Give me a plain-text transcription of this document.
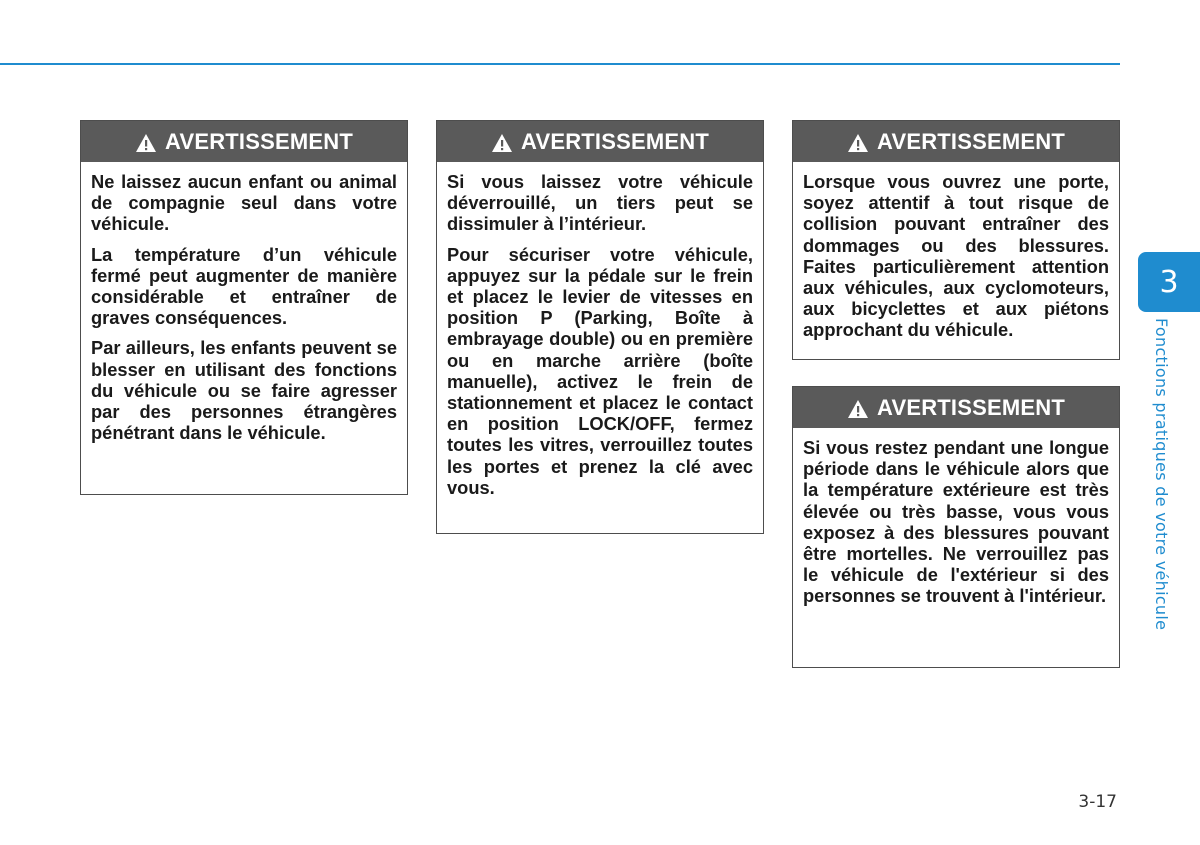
AVERTISSEMENT

Ne laissez aucun enfant ou animal de compagnie seul dans votre véhicule.

La température d’un véhicule fermé peut augmenter de manière considérable et entraîner de graves conséquences.

Par ailleurs, les enfants peuvent se blesser en utilisant des fonctions du véhicule ou se faire agresser par des personnes étrangères pénétrant dans le véhicule.

AVERTISSEMENT

Si vous laissez votre véhicule déverrouillé, un tiers peut se dissimuler à l’intérieur.

Pour sécuriser votre véhicule, appuyez sur la pédale sur le frein et placez le levier de vitesses en position P (Parking, Boîte à embrayage double) ou en première ou en marche arrière (boîte manuelle), activez le frein de stationnement et placez le contact en position LOCK/OFF, fermez toutes les vitres, verrouillez toutes les portes et prenez la clé avec vous.

AVERTISSEMENT

Lorsque vous ouvrez une porte, soyez attentif à tout risque de collision pouvant entraîner des dommages ou des blessures. Faites particulièrement attention aux véhicules, aux cyclomoteurs, aux bicyclettes et aux piétons approchant du véhicule.

AVERTISSEMENT

Si vous restez pendant une longue période dans le véhicule alors que la température extérieure est très élevée ou très basse, vous vous exposez à des blessures pouvant être mortelles. Ne verrouillez pas le véhicule de l'extérieur si des personnes se trouvent à l'intérieur.

3
Fonctions pratiques de votre véhicule
3-17
